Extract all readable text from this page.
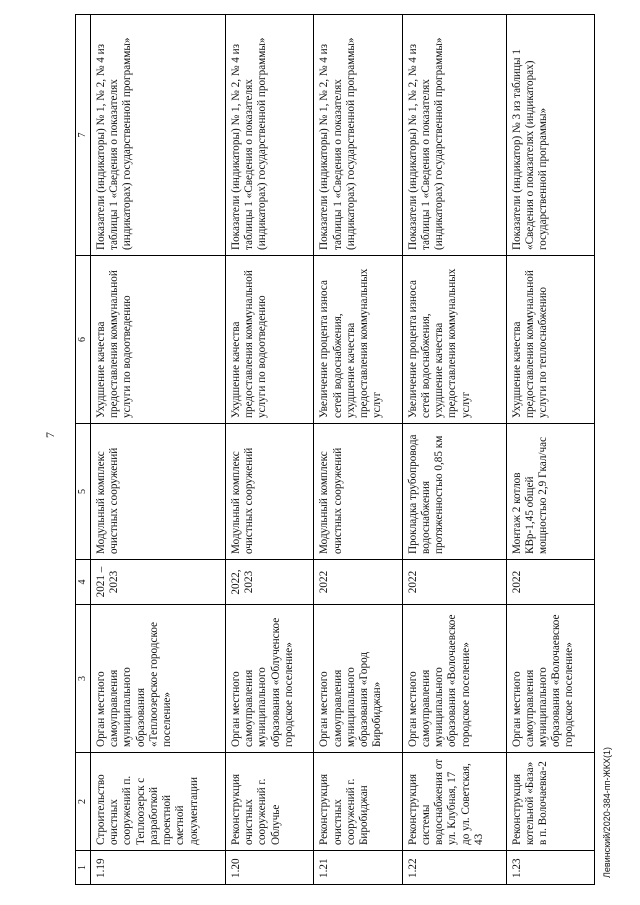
7
Левинский/2020-384-пп-ЖКХ(1)
1	2	3	4	5	6	7
1.19	Строительство очистных сооружений п. Теплоозерск с разработкой проектной сметной документации	Орган местного самоуправления муниципального образования «Теплоозерское городское поселение»	2021 – 2023	Модульный комплекс очистных сооружений	Ухудшение качества предоставления коммунальной услуги по водоотведению	Показатели (индикаторы) № 1, № 2, № 4 из таблицы 1 «Сведения о показателях (индикаторах) государственной программы»
1.20	Реконструкция очистных сооружений г. Облучье	Орган местного самоуправления муниципального образования «Облученское городское поселение»	2022, 2023	Модульный комплекс очистных сооружений	Ухудшение качества предоставления коммунальной услуги по водоотведению	Показатели (индикаторы) № 1, № 2, № 4 из таблицы 1 «Сведения о показателях (индикаторах) государственной программы»
1.21	Реконструкция очистных сооружений г. Биробиджан	Орган местного самоуправления муниципального образования «Город Биробиджан»	2022	Модульный комплекс очистных сооружений	Увеличение процента износа сетей водоснабжения, ухудшение качества предоставления коммунальных услуг	Показатели (индикаторы) № 1, № 2, № 4 из таблицы 1 «Сведения о показателях (индикаторах) государственной программы»
1.22	Реконструкция системы водоснабжения от ул. Клубная, 17 до ул. Советская, 43	Орган местного самоуправления муниципального образования «Волочаевское городское поселение»	2022	Прокладка трубопровода водоснабжения протяженностью 0,85 км	Увеличение процента износа сетей водоснабжения, ухудшение качества предоставления коммунальных услуг	Показатели (индикаторы) № 1, № 2, № 4 из таблицы 1 «Сведения о показателях (индикаторах) государственной программы»
1.23	Реконструкция котельной «База» в п. Волочаевка-2	Орган местного самоуправления муниципального образования «Волочаевское городское поселение»	2022	Монтаж 2 котлов КВр-1,45 общей мощностью 2,9 Гкал/час	Ухудшение качества предоставления коммунальной услуги по теплоснабжению	Показатели (индикатор) № 3 из таблицы 1 «Сведения о показателях (индикаторах) государственной программы»
